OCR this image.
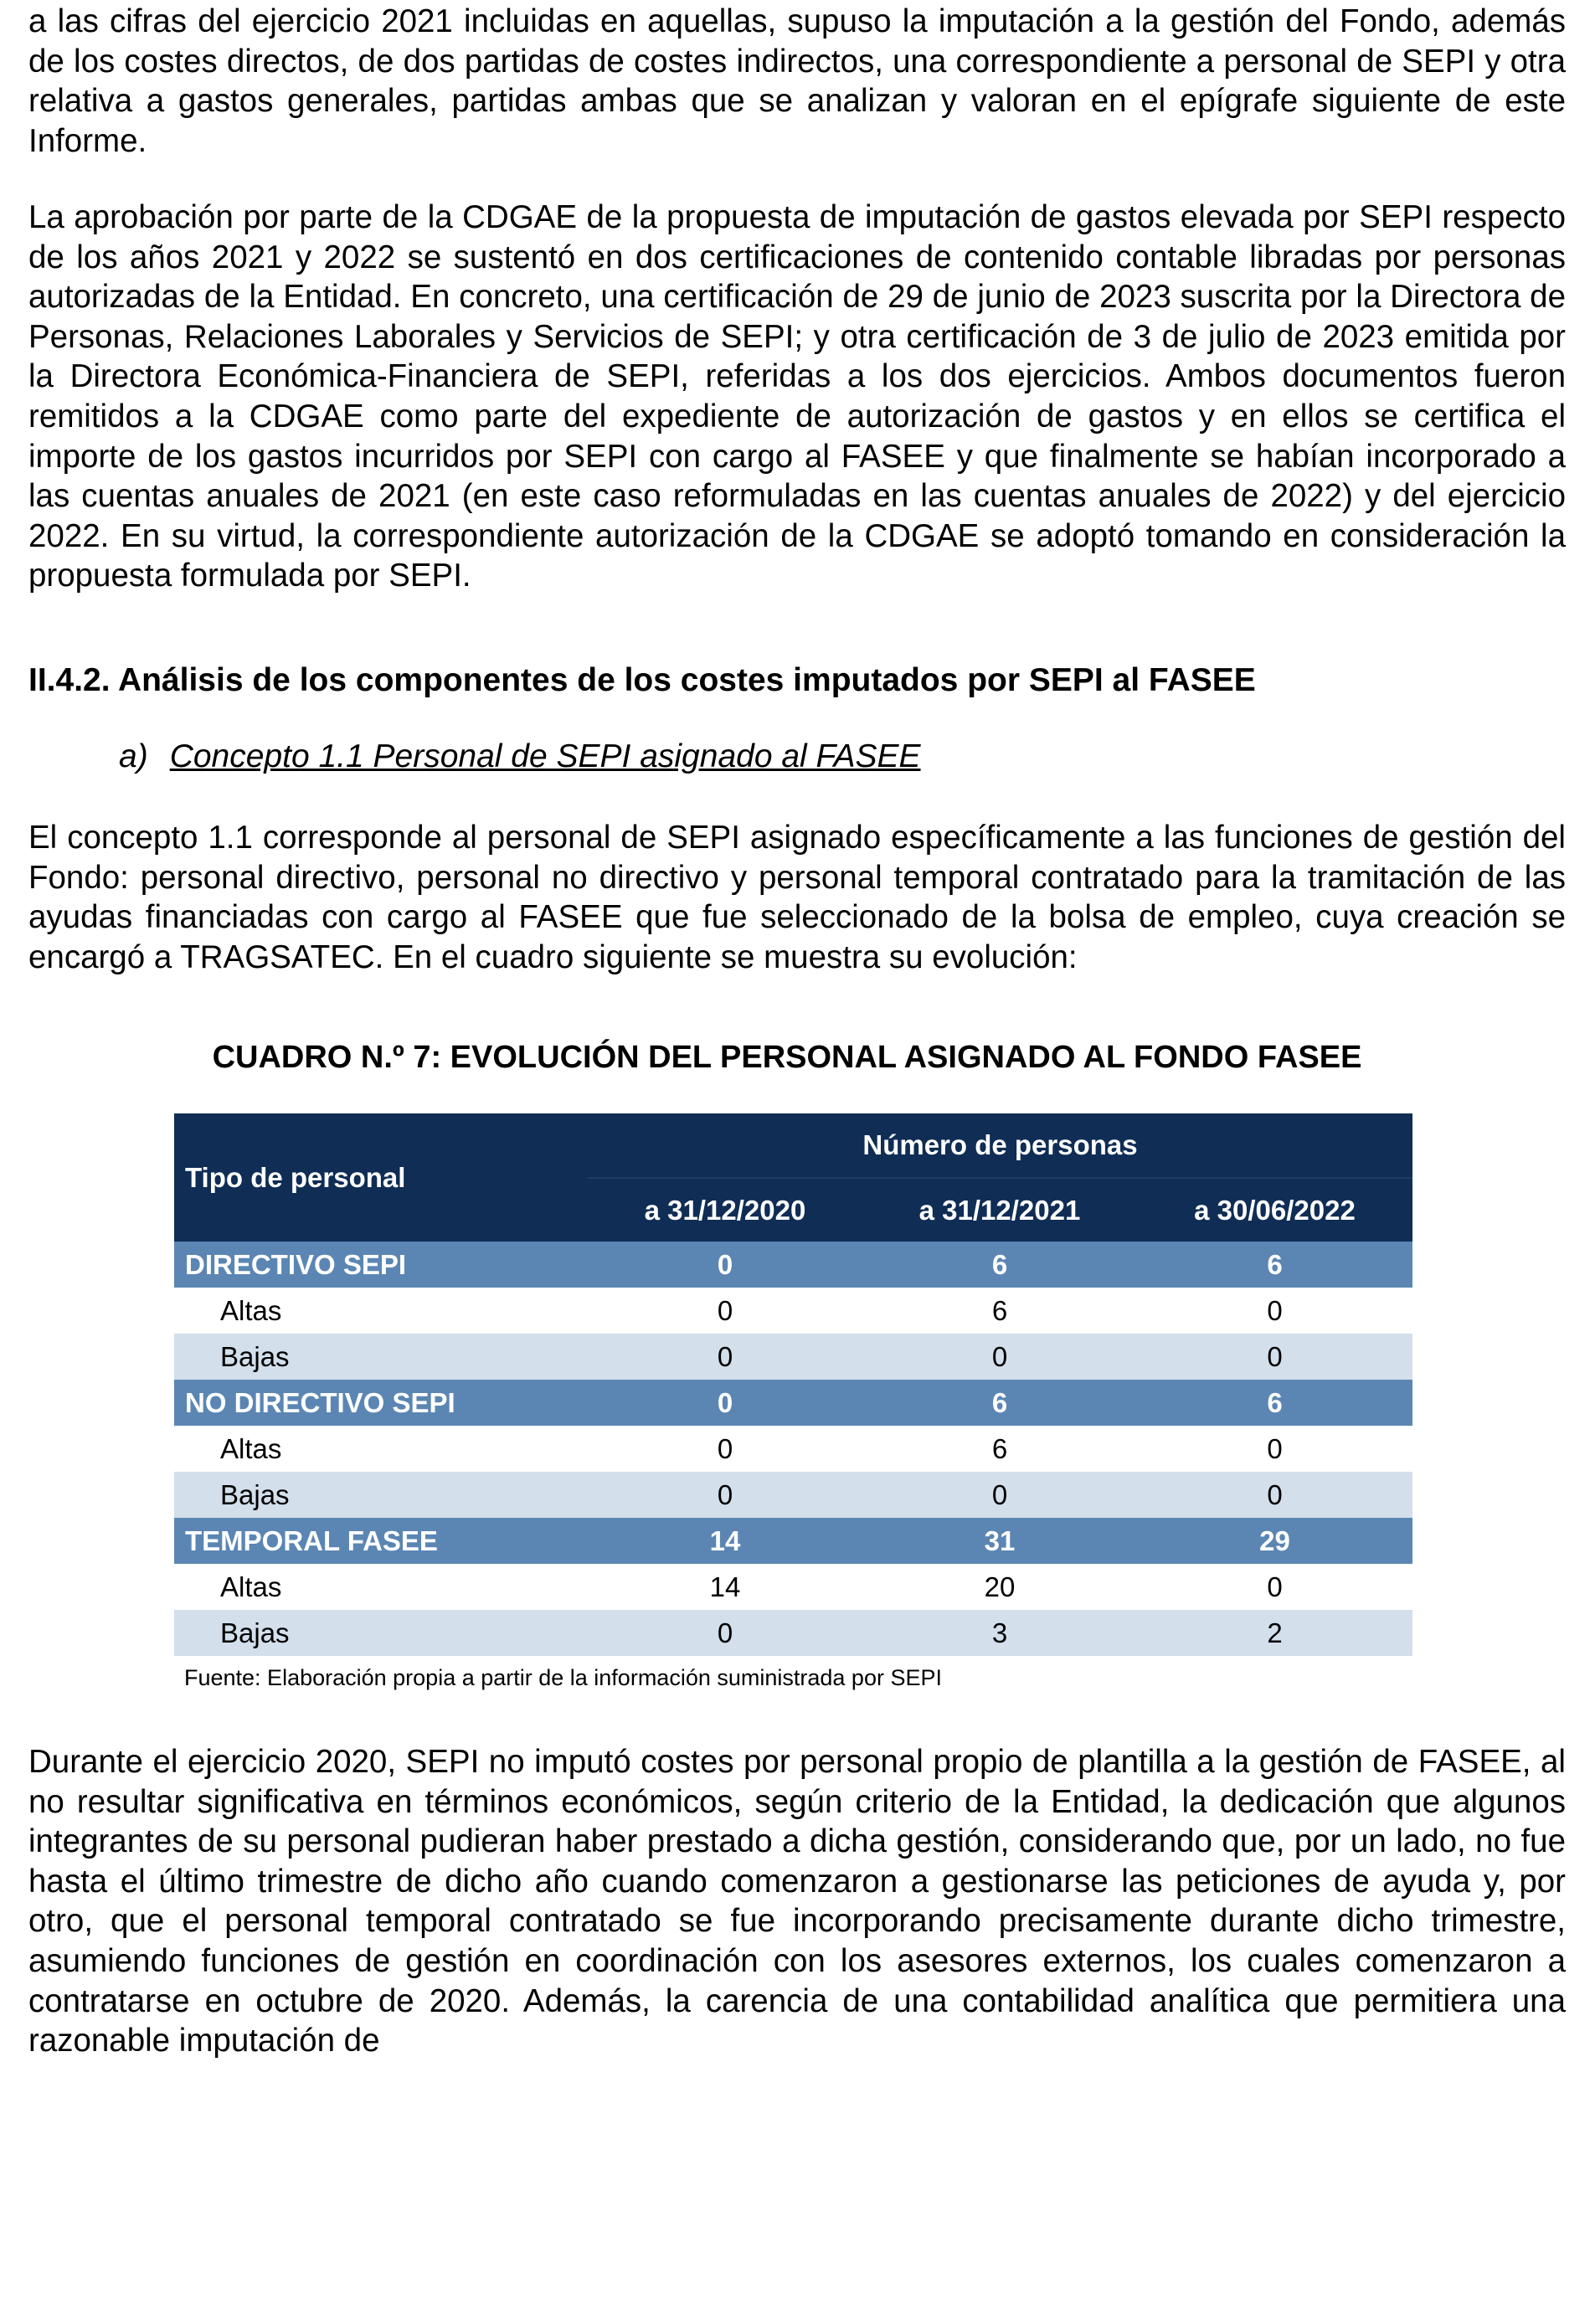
a las cifras del ejercicio 2021 incluidas en aquellas, supuso la imputación a la gestión del Fondo, además de los costes directos, de dos partidas de costes indirectos, una correspondiente a personal de SEPI y otra relativa a gastos generales, partidas ambas que se analizan y valoran en el epígrafe siguiente de este Informe.

La aprobación por parte de la CDGAE de la propuesta de imputación de gastos elevada por SEPI respecto de los años 2021 y 2022 se sustentó en dos certificaciones de contenido contable libradas por personas autorizadas de la Entidad. En concreto, una certificación de 29 de junio de 2023 suscrita por la Directora de Personas, Relaciones Laborales y Servicios de SEPI; y otra certificación de 3 de julio de 2023 emitida por la Directora Económica-Financiera de SEPI, referidas a los dos ejercicios. Ambos documentos fueron remitidos a la CDGAE como parte del expediente de autorización de gastos y en ellos se certifica el importe de los gastos incurridos por SEPI con cargo al FASEE y que finalmente se habían incorporado a las cuentas anuales de 2021 (en este caso reformuladas en las cuentas anuales de 2022) y del ejercicio 2022. En su virtud, la correspondiente autorización de la CDGAE se adoptó tomando en consideración la propuesta formulada por SEPI.

II.4.2. Análisis de los componentes de los costes imputados por SEPI al FASEE

a) Concepto 1.1 Personal de SEPI asignado al FASEE

El concepto 1.1 corresponde al personal de SEPI asignado específicamente a las funciones de gestión del Fondo: personal directivo, personal no directivo y personal temporal contratado para la tramitación de las ayudas financiadas con cargo al FASEE que fue seleccionado de la bolsa de empleo, cuya creación se encargó a TRAGSATEC. En el cuadro siguiente se muestra su evolución:

CUADRO N.º 7: EVOLUCIÓN DEL PERSONAL ASIGNADO AL FONDO FASEE

Tipo de personal	Número de personas		
	a 31/12/2020	a 31/12/2021	a 30/06/2022
DIRECTIVO SEPI	0	6	6
Altas	0	6	0
Bajas	0	0	0
NO DIRECTIVO SEPI	0	6	6
Altas	0	6	0
Bajas	0	0	0
TEMPORAL FASEE	14	31	29
Altas	14	20	0
Bajas	0	3	2

Fuente: Elaboración propia a partir de la información suministrada por SEPI

Durante el ejercicio 2020, SEPI no imputó costes por personal propio de plantilla a la gestión de FASEE, al no resultar significativa en términos económicos, según criterio de la Entidad, la dedicación que algunos integrantes de su personal pudieran haber prestado a dicha gestión, considerando que, por un lado, no fue hasta el último trimestre de dicho año cuando comenzaron a gestionarse las peticiones de ayuda y, por otro, que el personal temporal contratado se fue incorporando precisamente durante dicho trimestre, asumiendo funciones de gestión en coordinación con los asesores externos, los cuales comenzaron a contratarse en octubre de 2020. Además, la carencia de una contabilidad analítica que permitiera una razonable imputación de
